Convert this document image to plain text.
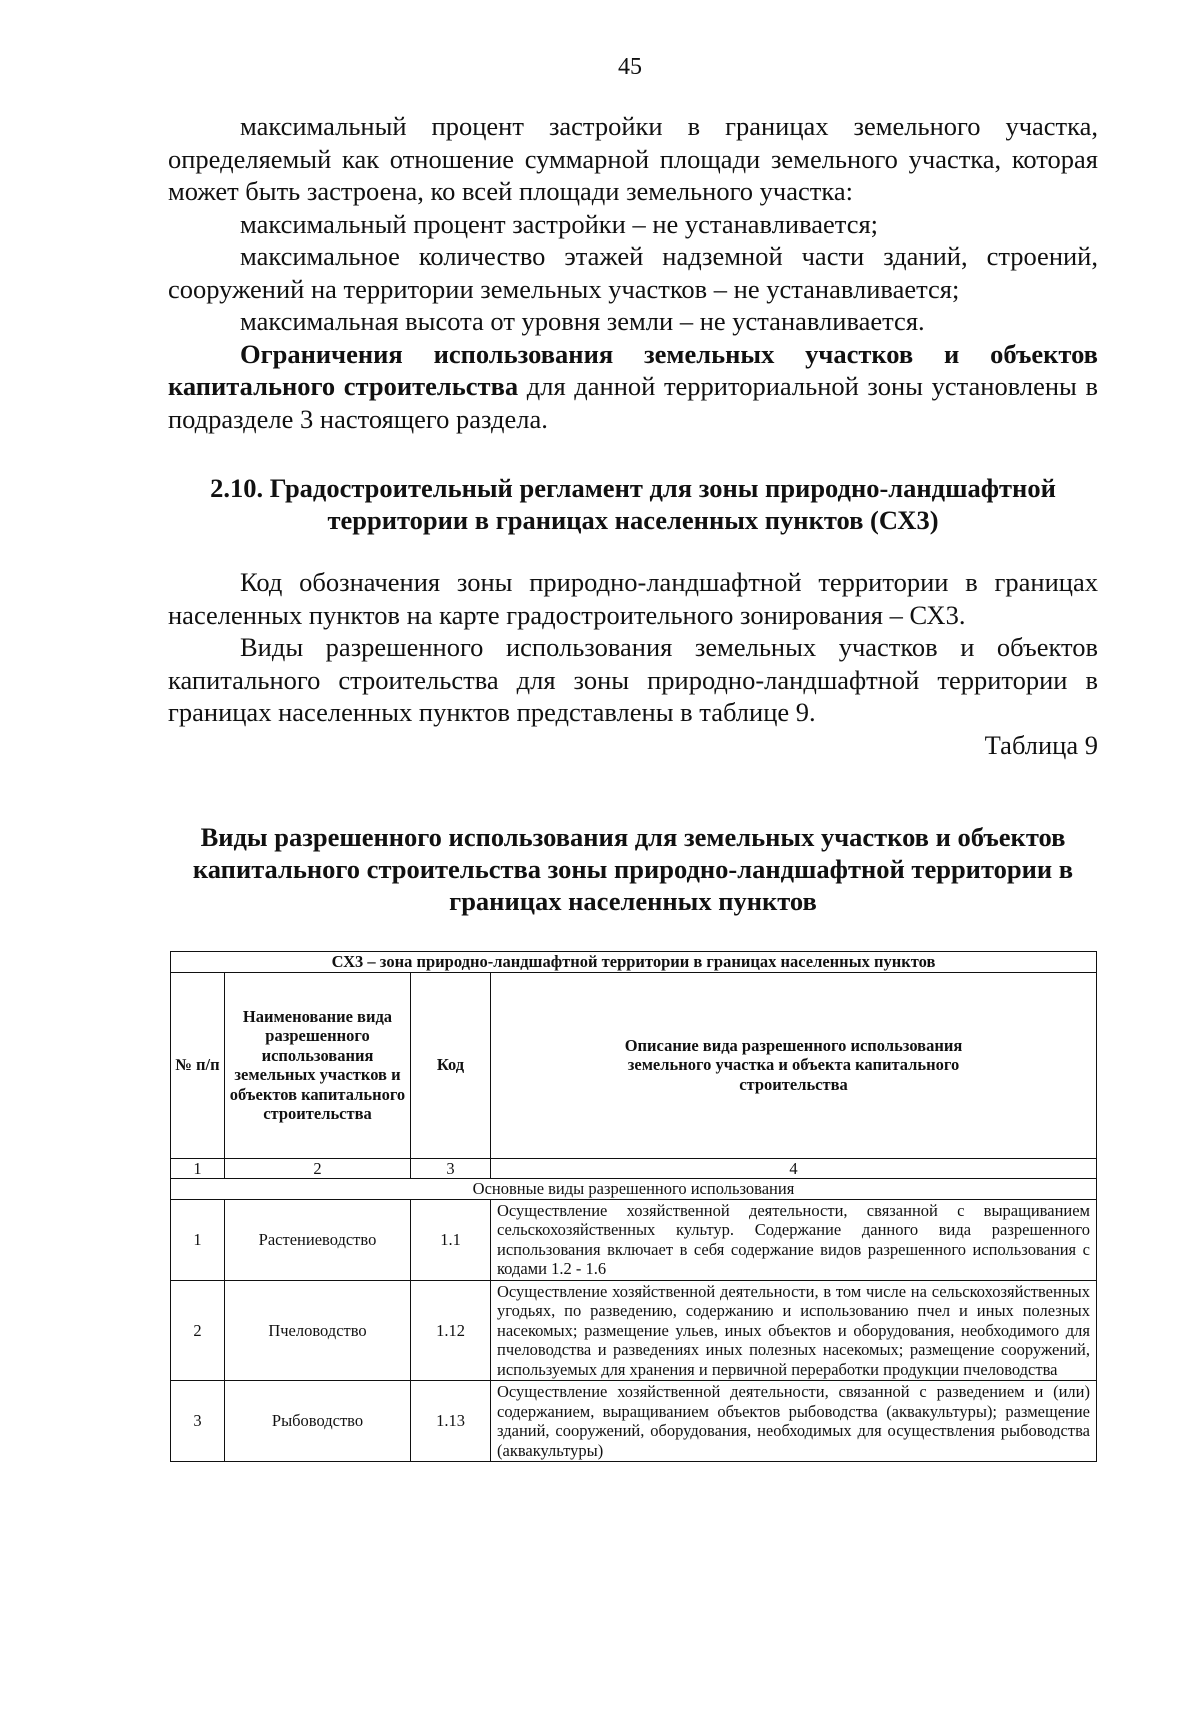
45

максимальный процент застройки в границах земельного участка, определяемый как отношение суммарной площади земельного участка, которая может быть застроена, ко всей площади земельного участка:

максимальный процент застройки – не устанавливается;

максимальное количество этажей надземной части зданий, строений, сооружений на территории земельных участков – не устанавливается;

максимальная высота от уровня земли – не устанавливается.

Ограничения использования земельных участков и объектов капитального строительства для данной территориальной зоны установлены в подразделе 3 настоящего раздела.

2.10. Градостроительный регламент для зоны природно-ландшафтной территории в границах населенных пунктов (СХ3)

Код обозначения зоны природно-ландшафтной территории в границах населенных пунктов на карте градостроительного зонирования – СХ3.

Виды разрешенного использования земельных участков и объектов капитального строительства для зоны природно-ландшафтной территории в границах населенных пунктов представлены в таблице 9.

Таблица 9

Виды разрешенного использования для земельных участков и объектов капитального строительства зоны природно-ландшафтной территории в границах населенных пунктов

СХ3 – зона природно-ландшафтной территории в границах населенных пунктов			
№ п/п	Наименование вида разрешенного использования земельных участков и объектов капитального строительства	Код	Описание вида разрешенного использования земельного участка и объекта капитального строительства
1	2	3	4
Основные виды разрешенного использования			
1	Растениеводство	1.1	Осуществление хозяйственной деятельности, связанной с выращиванием сельскохозяйственных культур. Содержание данного вида разрешенного использования включает в себя содержание видов разрешенного использования с кодами 1.2 - 1.6
2	Пчеловодство	1.12	Осуществление хозяйственной деятельности, в том числе на сельскохозяйственных угодьях, по разведению, содержанию и использованию пчел и иных полезных насекомых; размещение ульев, иных объектов и оборудования, необходимого для пчеловодства и разведениях иных полезных насекомых; размещение сооружений, используемых для хранения и первичной переработки продукции пчеловодства
3	Рыбоводство	1.13	Осуществление хозяйственной деятельности, связанной с разведением и (или) содержанием, выращиванием объектов рыбоводства (аквакультуры); размещение зданий, сооружений, оборудования, необходимых для осуществления рыбоводства (аквакультуры)
